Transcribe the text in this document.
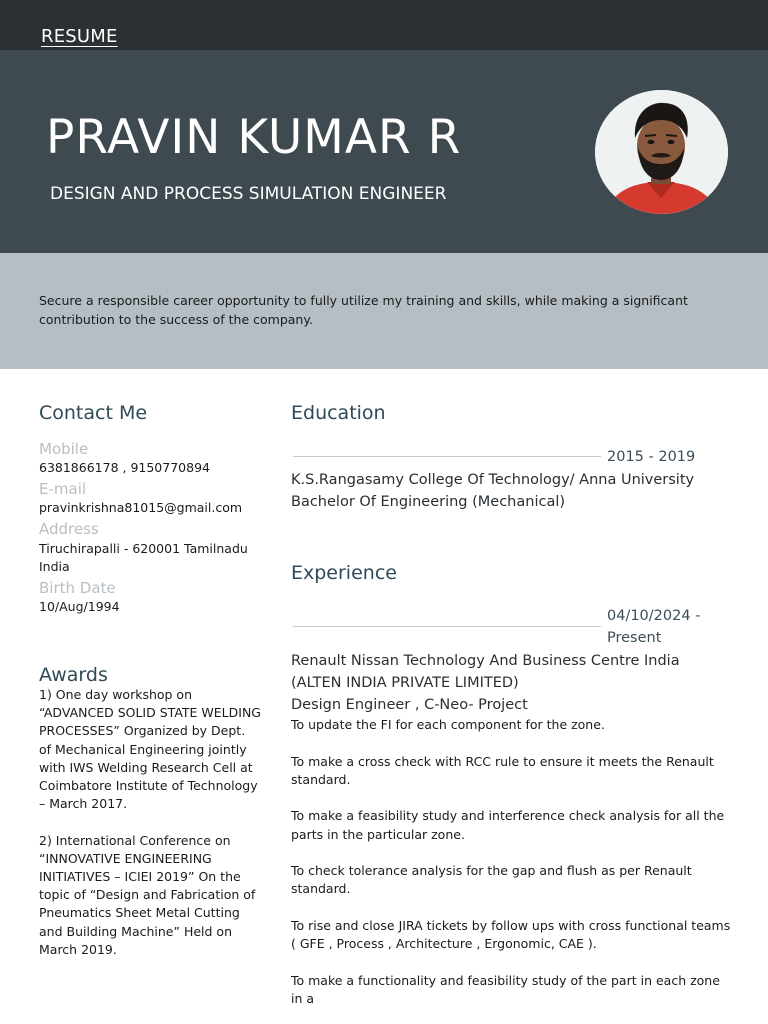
RESUME
PRAVIN KUMAR R
DESIGN AND PROCESS SIMULATION ENGINEER
Secure a responsible career opportunity to fully utilize my training and skills, while making a significant contribution to the success of the company.
Contact Me
Mobile
6381866178 , 9150770894
E-mail
pravinkrishna81015@gmail.com
Address
Tiruchirapalli - 620001 Tamilnadu
India
Birth Date
10/Aug/1994
Awards

1) One day workshop on “ADVANCED SOLID STATE WELDING PROCESSES” Organized by Dept. of Mechanical Engineering jointly with IWS Welding Research Cell at Coimbatore Institute of Technology – March 2017.

2) International Conference on “INNOVATIVE ENGINEERING INITIATIVES – ICIEI 2019” On the topic of “Design and Fabrication of Pneumatics Sheet Metal Cutting and Building Machine” Held on March 2019.

Education
2015 - 2019
K.S.Rangasamy College Of Technology/ Anna University
Bachelor Of Engineering (Mechanical)
Experience
04/10/2024 -
Present
Renault Nissan Technology And Business Centre India
(ALTEN INDIA PRIVATE LIMITED)
Design Engineer , C-Neo- Project

To update the FI for each component for the zone.

To make a cross check with RCC rule to ensure it meets the Renault standard.

To make a feasibility study and interference check analysis for all the parts in the particular zone.

To check tolerance analysis for the gap and flush as per Renault standard.

To rise and close JIRA tickets by follow ups with cross functional teams ( GFE , Process , Architecture , Ergonomic, CAE ).

To make a functionality and feasibility study of the part in each zone in a
